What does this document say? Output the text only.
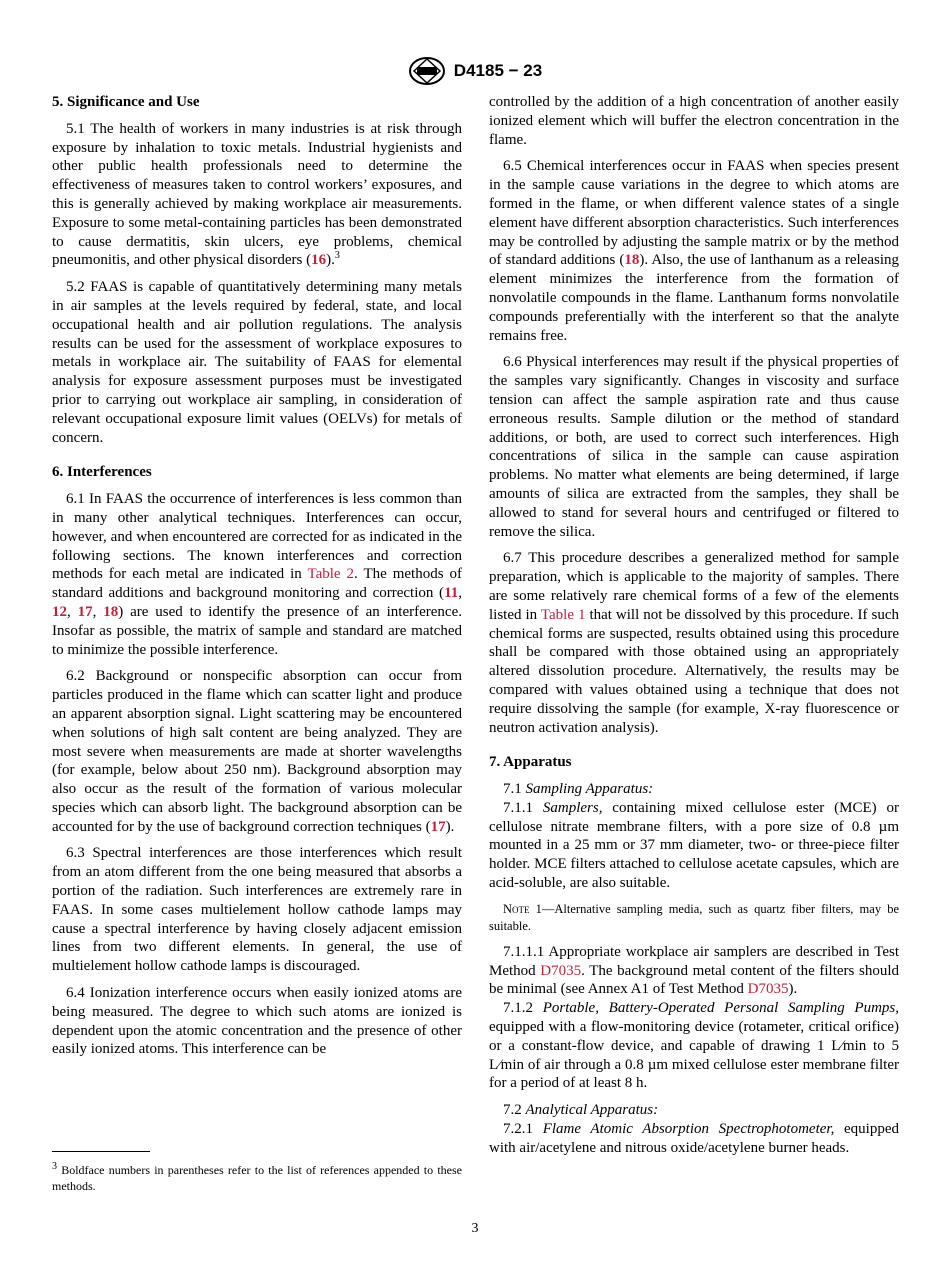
D4185 − 23
5. Significance and Use

5.1 The health of workers in many industries is at risk through exposure by inhalation to toxic metals. Industrial hygienists and other public health professionals need to determine the effectiveness of measures taken to control workers’ exposures, and this is generally achieved by making workplace air measurements. Exposure to some metal-containing particles has been demonstrated to cause dermatitis, skin ulcers, eye problems, chemical pneumonitis, and other physical disorders (16).$^3$

5.2 FAAS is capable of quantitatively determining many metals in air samples at the levels required by federal, state, and local occupational health and air pollution regulations. The analysis results can be used for the assessment of workplace exposures to metals in workplace air. The suitability of FAAS for elemental analysis for exposure assessment purposes must be investigated prior to carrying out workplace air sampling, in consideration of relevant occupational exposure limit values (OELVs) for metals of concern.

6. Interferences

6.1 In FAAS the occurrence of interferences is less common than in many other analytical techniques. Interferences can occur, however, and when encountered are corrected for as indicated in the following sections. The known interferences and correction methods for each metal are indicated in Table 2. The methods of standard additions and background monitoring and correction (11, 12, 17, 18) are used to identify the presence of an interference. Insofar as possible, the matrix of sample and standard are matched to minimize the possible interference.

6.2 Background or nonspecific absorption can occur from particles produced in the flame which can scatter light and produce an apparent absorption signal. Light scattering may be encountered when solutions of high salt content are being analyzed. They are most severe when measurements are made at shorter wavelengths (for example, below about 250 nm). Background absorption may also occur as the result of the formation of various molecular species which can absorb light. The background absorption can be accounted for by the use of background correction techniques (17).

6.3 Spectral interferences are those interferences which result from an atom different from the one being measured that absorbs a portion of the radiation. Such interferences are extremely rare in FAAS. In some cases multielement hollow cathode lamps may cause a spectral interference by having closely adjacent emission lines from two different elements. In general, the use of multielement hollow cathode lamps is discouraged.

6.4 Ionization interference occurs when easily ionized atoms are being measured. The degree to which such atoms are ionized is dependent upon the atomic concentration and the presence of other easily ionized atoms. This interference can be

controlled by the addition of a high concentration of another easily ionized element which will buffer the electron concentration in the flame.

6.5 Chemical interferences occur in FAAS when species present in the sample cause variations in the degree to which atoms are formed in the flame, or when different valence states of a single element have different absorption characteristics. Such interferences may be controlled by adjusting the sample matrix or by the method of standard additions (18). Also, the use of lanthanum as a releasing element minimizes the interference from the formation of nonvolatile compounds in the flame. Lanthanum forms nonvolatile compounds preferentially with the interferent so that the analyte remains free.

6.6 Physical interferences may result if the physical properties of the samples vary significantly. Changes in viscosity and surface tension can affect the sample aspiration rate and thus cause erroneous results. Sample dilution or the method of standard additions, or both, are used to correct such interferences. High concentrations of silica in the sample can cause aspiration problems. No matter what elements are being determined, if large amounts of silica are extracted from the samples, they shall be allowed to stand for several hours and centrifuged or filtered to remove the silica.

6.7 This procedure describes a generalized method for sample preparation, which is applicable to the majority of samples. There are some relatively rare chemical forms of a few of the elements listed in Table 1 that will not be dissolved by this procedure. If such chemical forms are suspected, results obtained using this procedure shall be compared with those obtained using an appropriately altered dissolution procedure. Alternatively, the results may be compared with values obtained using a technique that does not require dissolving the sample (for example, X-ray fluorescence or neutron activation analysis).

7. Apparatus

7.1 Sampling Apparatus:

7.1.1 Samplers, containing mixed cellulose ester (MCE) or cellulose nitrate membrane filters, with a pore size of 0.8 µm mounted in a 25 mm or 37 mm diameter, two- or three-piece filter holder. MCE filters attached to cellulose acetate capsules, which are acid-soluble, are also suitable.

Note 1—Alternative sampling media, such as quartz fiber filters, may be suitable.

7.1.1.1 Appropriate workplace air samplers are described in Test Method D7035. The background metal content of the filters should be minimal (see Annex A1 of Test Method D7035).

7.1.2 Portable, Battery-Operated Personal Sampling Pumps, equipped with a flow-monitoring device (rotameter, critical orifice) or a constant-flow device, and capable of drawing 1 L⁄min to 5 L⁄min of air through a 0.8 µm mixed cellulose ester membrane filter for a period of at least 8 h.

7.2 Analytical Apparatus:

7.2.1 Flame Atomic Absorption Spectrophotometer, equipped with air/acetylene and nitrous oxide/acetylene burner heads.

$^3$ Boldface numbers in parentheses refer to the list of references appended to these methods.
3
